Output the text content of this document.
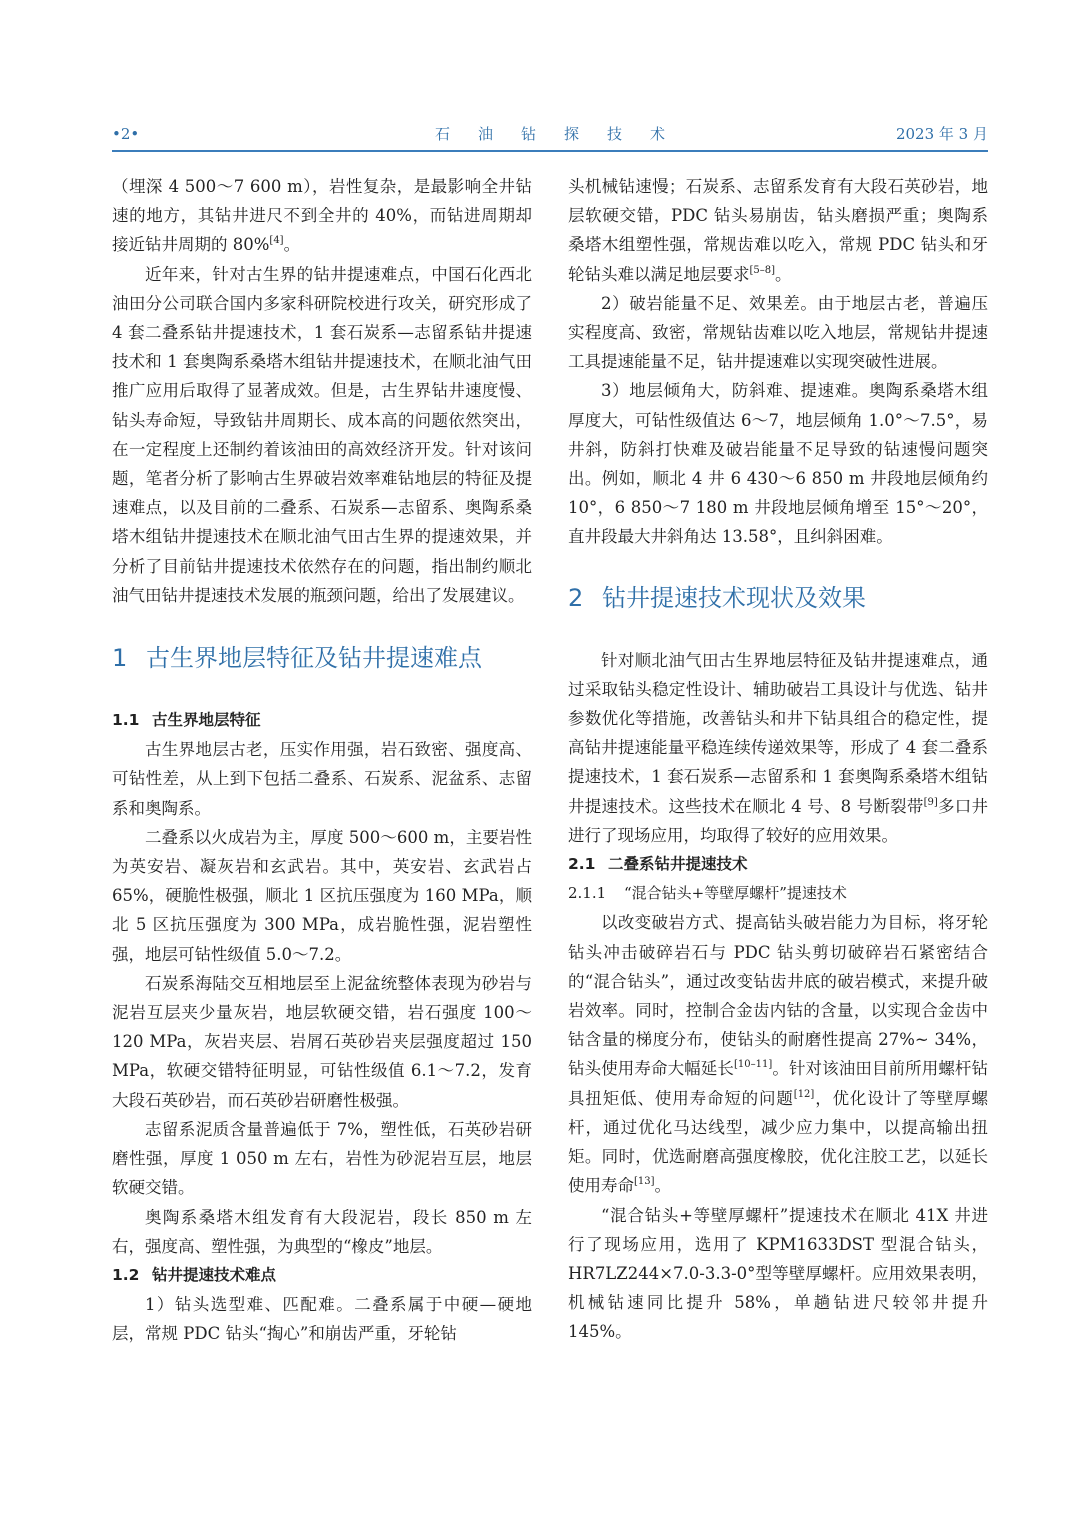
•2•	石油钻探技术	2023 年 3 月

（埋深 4 500～7 600 m），岩性复杂，是最影响全井钻速的地方，其钻井进尺不到全井的 40%，而钻进周期却接近钻井周期的 80%[4]。

近年来，针对古生界的钻井提速难点，中国石化西北油田分公司联合国内多家科研院校进行攻关，研究形成了 4 套二叠系钻井提速技术，1 套石炭系—志留系钻井提速技术和 1 套奥陶系桑塔木组钻井提速技术，在顺北油气田推广应用后取得了显著成效。但是，古生界钻井速度慢、钻头寿命短，导致钻井周期长、成本高的问题依然突出，在一定程度上还制约着该油田的高效经济开发。针对该问题，笔者分析了影响古生界破岩效率难钻地层的特征及提速难点，以及目前的二叠系、石炭系—志留系、奥陶系桑塔木组钻井提速技术在顺北油气田古生界的提速效果，并分析了目前钻井提速技术依然存在的问题，指出制约顺北油气田钻井提速技术发展的瓶颈问题，给出了发展建议。

1 古生界地层特征及钻井提速难点
1.1 古生界地层特征

古生界地层古老，压实作用强，岩石致密、强度高、可钻性差，从上到下包括二叠系、石炭系、泥盆系、志留系和奥陶系。

二叠系以火成岩为主，厚度 500～600 m，主要岩性为英安岩、凝灰岩和玄武岩。其中，英安岩、玄武岩占 65%，硬脆性极强，顺北 1 区抗压强度为 160 MPa，顺北 5 区抗压强度为 300 MPa，成岩脆性强，泥岩塑性强，地层可钻性级值 5.0～7.2。

石炭系海陆交互相地层至上泥盆统整体表现为砂岩与泥岩互层夹少量灰岩，地层软硬交错，岩石强度 100～120 MPa，灰岩夹层、岩屑石英砂岩夹层强度超过 150 MPa，软硬交错特征明显，可钻性级值 6.1～7.2，发育大段石英砂岩，而石英砂岩研磨性极强。

志留系泥质含量普遍低于 7%，塑性低，石英砂岩研磨性强，厚度 1 050 m 左右，岩性为砂泥岩互层，地层软硬交错。

奥陶系桑塔木组发育有大段泥岩，段长 850 m 左右，强度高、塑性强，为典型的“橡皮”地层。

1.2 钻井提速技术难点

1）钻头选型难、匹配难。二叠系属于中硬—硬地层，常规 PDC 钻头“掏心”和崩齿严重，牙轮钻

头机械钻速慢；石炭系、志留系发育有大段石英砂岩，地层软硬交错，PDC 钻头易崩齿，钻头磨损严重；奥陶系桑塔木组塑性强，常规齿难以吃入，常规 PDC 钻头和牙轮钻头难以满足地层要求[5–8]。

2）破岩能量不足、效果差。由于地层古老，普遍压实程度高、致密，常规钻齿难以吃入地层，常规钻井提速工具提速能量不足，钻井提速难以实现突破性进展。

3）地层倾角大，防斜难、提速难。奥陶系桑塔木组厚度大，可钻性级值达 6～7，地层倾角 1.0°～7.5°，易井斜，防斜打快难及破岩能量不足导致的钻速慢问题突出。例如，顺北 4 井 6 430～6 850 m 井段地层倾角约 10°，6 850～7 180 m 井段地层倾角增至 15°～20°，直井段最大井斜角达 13.58°，且纠斜困难。

2 钻井提速技术现状及效果

针对顺北油气田古生界地层特征及钻井提速难点，通过采取钻头稳定性设计、辅助破岩工具设计与优选、钻井参数优化等措施，改善钻头和井下钻具组合的稳定性，提高钻井提速能量平稳连续传递效果等，形成了 4 套二叠系提速技术，1 套石炭系—志留系和 1 套奥陶系桑塔木组钻井提速技术。这些技术在顺北 4 号、8 号断裂带[9]多口井进行了现场应用，均取得了较好的应用效果。

2.1 二叠系钻井提速技术
2.1.1 “混合钻头+等壁厚螺杆”提速技术

以改变破岩方式、提高钻头破岩能力为目标，将牙轮钻头冲击破碎岩石与 PDC 钻头剪切破碎岩石紧密结合的“混合钻头”，通过改变钻齿井底的破岩模式，来提升破岩效率。同时，控制合金齿内钴的含量，以实现合金齿中钴含量的梯度分布，使钻头的耐磨性提高 27%~ 34%，钻头使用寿命大幅延长[10–11]。针对该油田目前所用螺杆钻具扭矩低、使用寿命短的问题[12]，优化设计了等壁厚螺杆，通过优化马达线型，减少应力集中，以提高输出扭矩。同时，优选耐磨高强度橡胶，优化注胶工艺，以延长使用寿命[13]。

“混合钻头+等壁厚螺杆”提速技术在顺北 41X 井进行了现场应用，选用了 KPM1633DST 型混合钻头，HR7LZ244×7.0-3.3-0°型等壁厚螺杆。应用效果表明，机械钻速同比提升 58%，单趟钻进尺较邻井提升 145%。
